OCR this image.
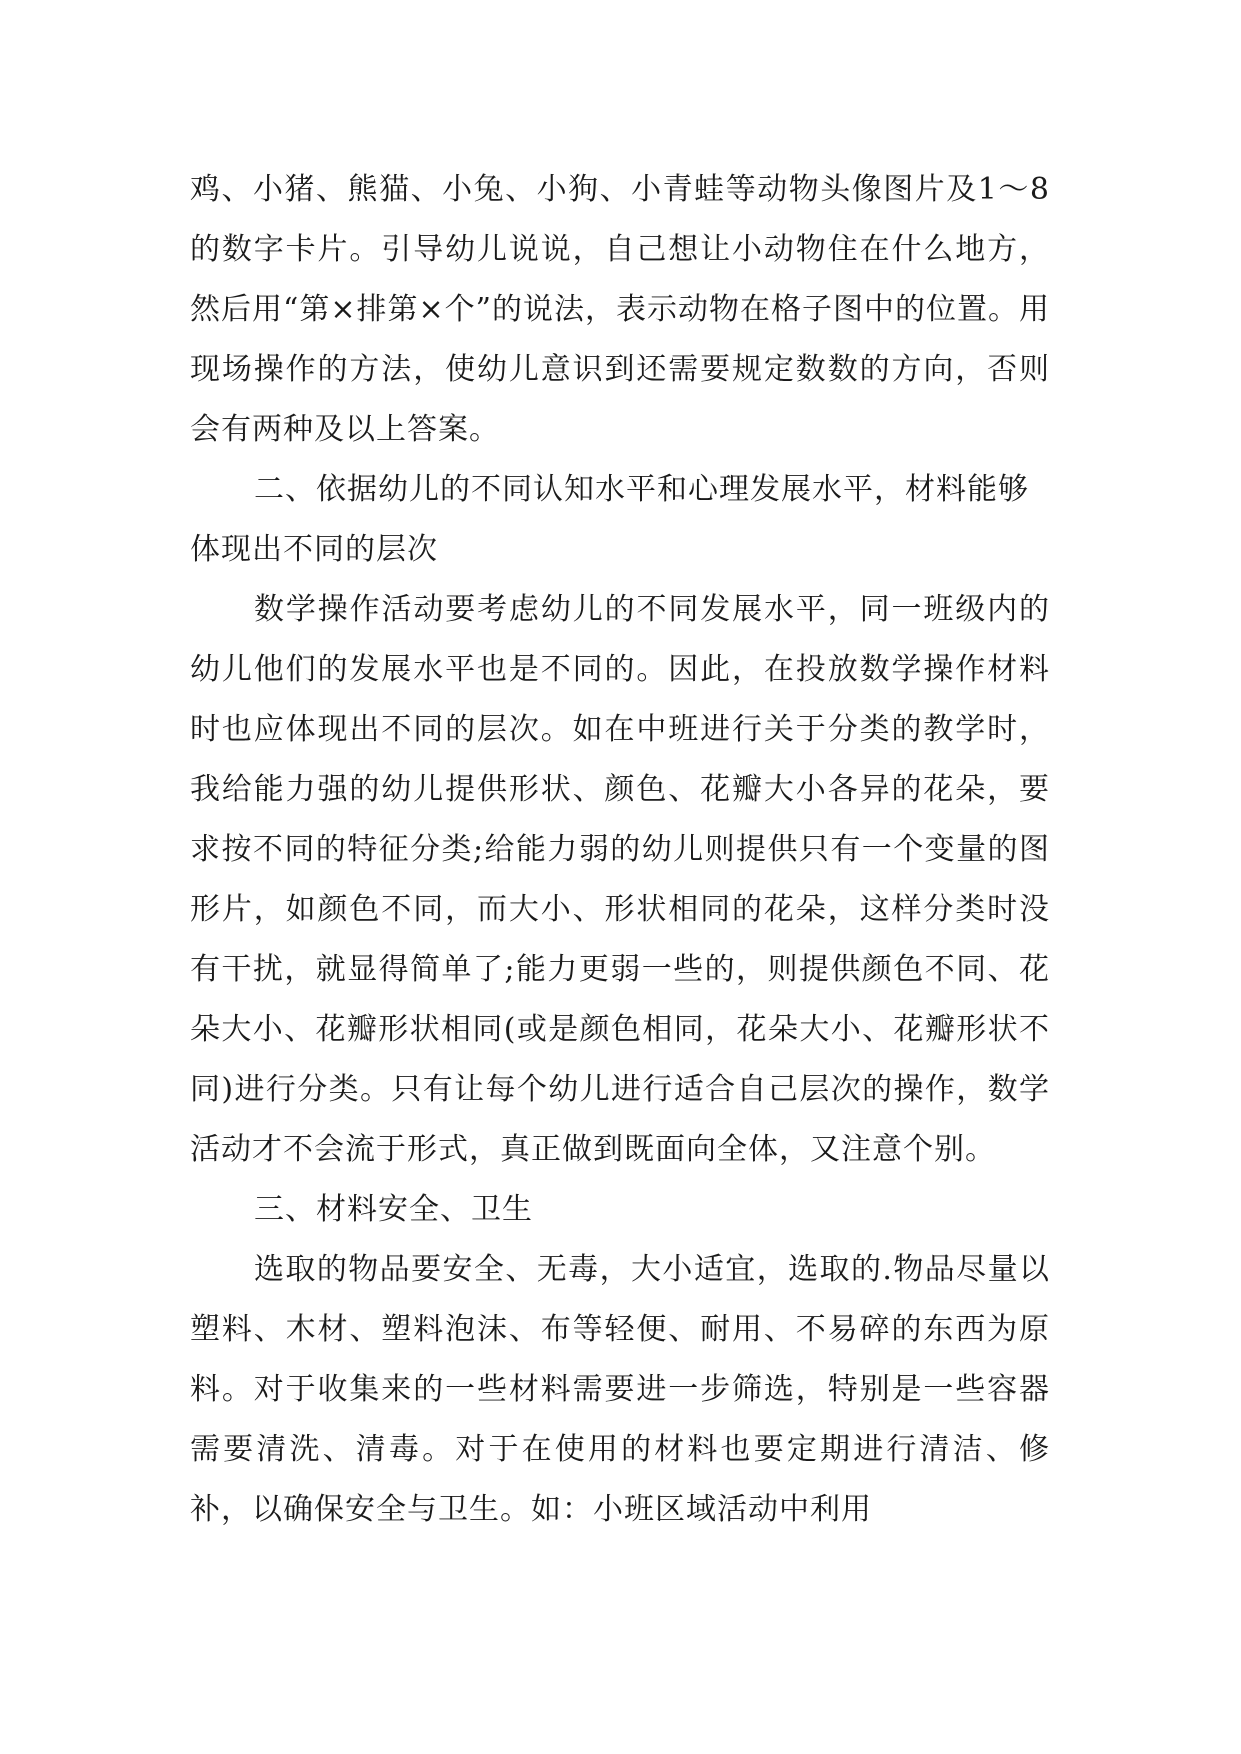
鸡、小猪、熊猫、小兔、小狗、小青蛙等动物头像图片及1～8的数字卡片。引导幼儿说说，自己想让小动物住在什么地方，然后用“第×排第×个”的说法，表示动物在格子图中的位置。用现场操作的方法，使幼儿意识到还需要规定数数的方向，否则会有两种及以上答案。

二、依据幼儿的不同认知水平和心理发展水平，材料能够体现出不同的层次

数学操作活动要考虑幼儿的不同发展水平，同一班级内的幼儿他们的发展水平也是不同的。因此，在投放数学操作材料时也应体现出不同的层次。如在中班进行关于分类的教学时，我给能力强的幼儿提供形状、颜色、花瓣大小各异的花朵，要求按不同的特征分类;给能力弱的幼儿则提供只有一个变量的图形片，如颜色不同，而大小、形状相同的花朵，这样分类时没有干扰，就显得简单了;能力更弱一些的，则提供颜色不同、花朵大小、花瓣形状相同(或是颜色相同，花朵大小、花瓣形状不同)进行分类。只有让每个幼儿进行适合自己层次的操作，数学活动才不会流于形式，真正做到既面向全体，又注意个别。

三、材料安全、卫生

选取的物品要安全、无毒，大小适宜，选取的.物品尽量以塑料、木材、塑料泡沫、布等轻便、耐用、不易碎的东西为原料。对于收集来的一些材料需要进一步筛选，特别是一些容器需要清洗、清毒。对于在使用的材料也要定期进行清洁、修补，以确保安全与卫生。如：小班区域活动中利用
